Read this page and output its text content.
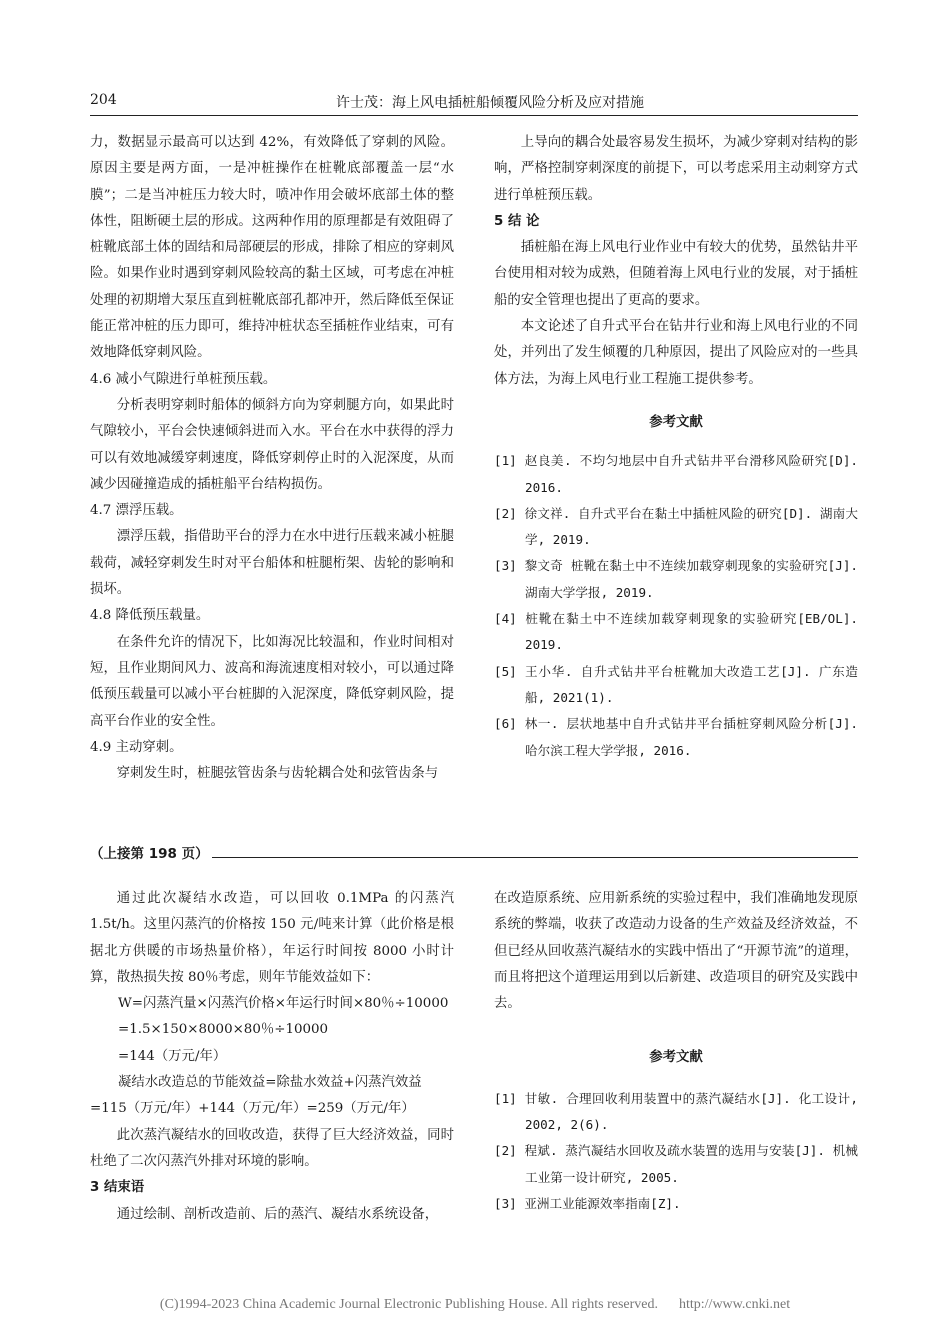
204	许士茂：海上风电插桩船倾覆风险分析及应对措施

力，数据显示最高可以达到 42%，有效降低了穿刺的风险。原因主要是两方面，一是冲桩操作在桩靴底部覆盖一层“水膜”；二是当冲桩压力较大时，喷冲作用会破坏底部土体的整体性，阻断硬土层的形成。这两种作用的原理都是有效阻碍了桩靴底部土体的固结和局部硬层的形成，排除了相应的穿刺风险。如果作业时遇到穿刺风险较高的黏土区域，可考虑在冲桩处理的初期增大泵压直到桩靴底部孔都冲开，然后降低至保证能正常冲桩的压力即可，维持冲桩状态至插桩作业结束，可有效地降低穿刺风险。

4.6 减小气隙进行单桩预压载。

分析表明穿刺时船体的倾斜方向为穿刺腿方向，如果此时气隙较小，平台会快速倾斜进而入水。平台在水中获得的浮力可以有效地减缓穿刺速度，降低穿刺停止时的入泥深度，从而减少因碰撞造成的插桩船平台结构损伤。

4.7 漂浮压载。

漂浮压载，指借助平台的浮力在水中进行压载来减小桩腿载荷，减轻穿刺发生时对平台船体和桩腿桁架、齿轮的影响和损坏。

4.8 降低预压载量。

在条件允许的情况下，比如海况比较温和，作业时间相对短，且作业期间风力、波高和海流速度相对较小，可以通过降低预压载量可以减小平台桩脚的入泥深度，降低穿刺风险，提高平台作业的安全性。

4.9 主动穿刺。

穿刺发生时，桩腿弦管齿条与齿轮耦合处和弦管齿条与

上导向的耦合处最容易发生损坏，为减少穿刺对结构的影响，严格控制穿刺深度的前提下，可以考虑采用主动刺穿方式进行单桩预压载。

5 结 论

插桩船在海上风电行业作业中有较大的优势，虽然钻井平台使用相对较为成熟，但随着海上风电行业的发展，对于插桩船的安全管理也提出了更高的要求。

本文论述了自升式平台在钻井行业和海上风电行业的不同处，并列出了发生倾覆的几种原因，提出了风险应对的一些具体方法，为海上风电行业工程施工提供参考。

参考文献

[1] 赵良美. 不均匀地层中自升式钻井平台滑移风险研究[D]. 2016.

[2] 徐文祥. 自升式平台在黏土中插桩风险的研究[D]. 湖南大学, 2019.

[3] 黎文奇 桩靴在黏土中不连续加载穿刺现象的实验研究[J]. 湖南大学学报, 2019.

[4] 桩靴在黏土中不连续加载穿刺现象的实验研究[EB/OL]. 2019.

[5] 王小华. 自升式钻井平台桩靴加大改造工艺[J]. 广东造船, 2021(1).

[6] 林一. 层状地基中自升式钻井平台插桩穿刺风险分析[J]. 哈尔滨工程大学学报, 2016.

（上接第 198 页）

通过此次凝结水改造，可以回收 0.1MPa 的闪蒸汽 1.5t/h。这里闪蒸汽的价格按 150 元/吨来计算（此价格是根据北方供暖的市场热量价格），年运行时间按 8000 小时计算，散热损失按 80％考虑，则年节能效益如下：

W=闪蒸汽量×闪蒸汽价格×年运行时间×80％÷10000

=1.5×150×8000×80％÷10000

=144（万元/年）

凝结水改造总的节能效益=除盐水效益+闪蒸汽效益

=115（万元/年）+144（万元/年）=259（万元/年）

此次蒸汽凝结水的回收改造，获得了巨大经济效益，同时杜绝了二次闪蒸汽外排对环境的影响。

3 结束语

通过绘制、剖析改造前、后的蒸汽、凝结水系统设备，

在改造原系统、应用新系统的实验过程中，我们准确地发现原系统的弊端，收获了改造动力设备的生产效益及经济效益，不但已经从回收蒸汽凝结水的实践中悟出了“开源节流”的道理，而且将把这个道理运用到以后新建、改造项目的研究及实践中去。

参考文献

[1] 甘敏. 合理回收利用装置中的蒸汽凝结水[J]. 化工设计, 2002, 2(6).

[2] 程斌. 蒸汽凝结水回收及疏水装置的选用与安装[J]. 机械工业第一设计研究, 2005.

[3] 亚洲工业能源效率指南[Z].

(C)1994-2023 China Academic Journal Electronic Publishing House. All rights reserved. http://www.cnki.net
